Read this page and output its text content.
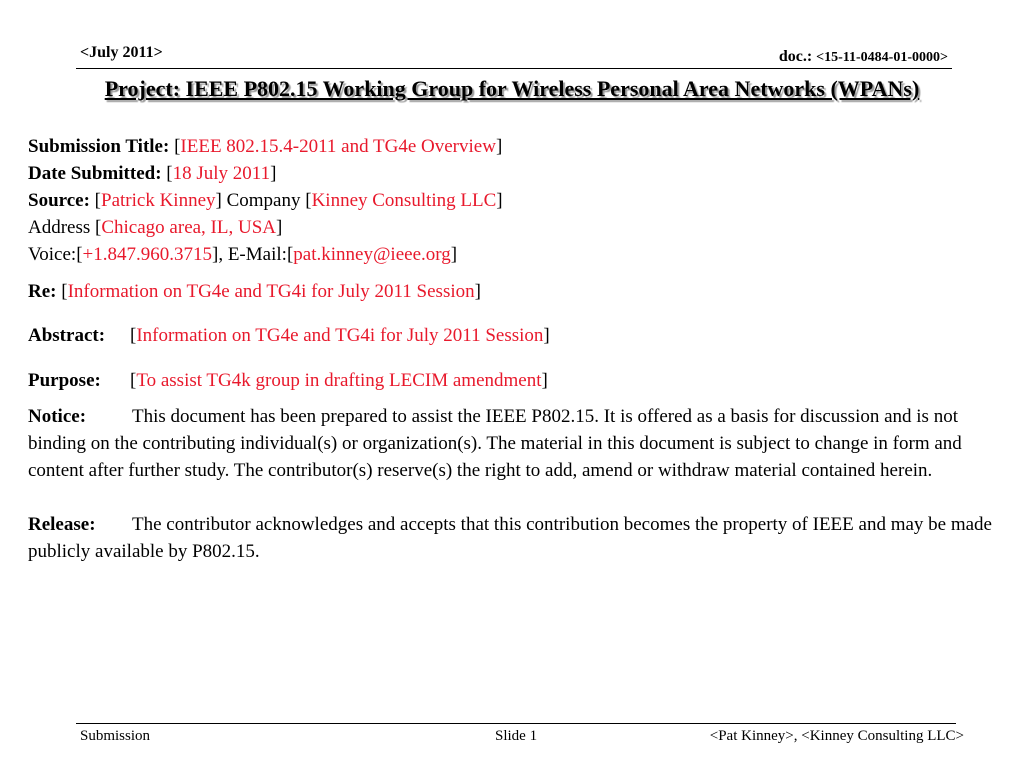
<July 2011>	doc.: <15-11-0484-01-0000>
Project: IEEE P802.15 Working Group for Wireless Personal Area Networks (WPANs)
Submission Title: [IEEE 802.15.4-2011 and TG4e Overview]
Date Submitted: [18 July 2011]
Source: [Patrick Kinney] Company [Kinney Consulting LLC]
Address [Chicago area, IL, USA]
Voice:[+1.847.960.3715], E-Mail:[pat.kinney@ieee.org]
Re: [Information on TG4e and TG4i for July 2011 Session]
Abstract: [Information on TG4e and TG4i for July 2011 Session]
Purpose: [To assist TG4k group in drafting LECIM amendment]
Notice: This document has been prepared to assist the IEEE P802.15. It is offered as a basis for discussion and is not binding on the contributing individual(s) or organization(s). The material in this document is subject to change in form and content after further study. The contributor(s) reserve(s) the right to add, amend or withdraw material contained herein.
Release: The contributor acknowledges and accepts that this contribution becomes the property of IEEE and may be made publicly available by P802.15.
Submission	Slide 1	<Pat Kinney>, <Kinney Consulting LLC>
